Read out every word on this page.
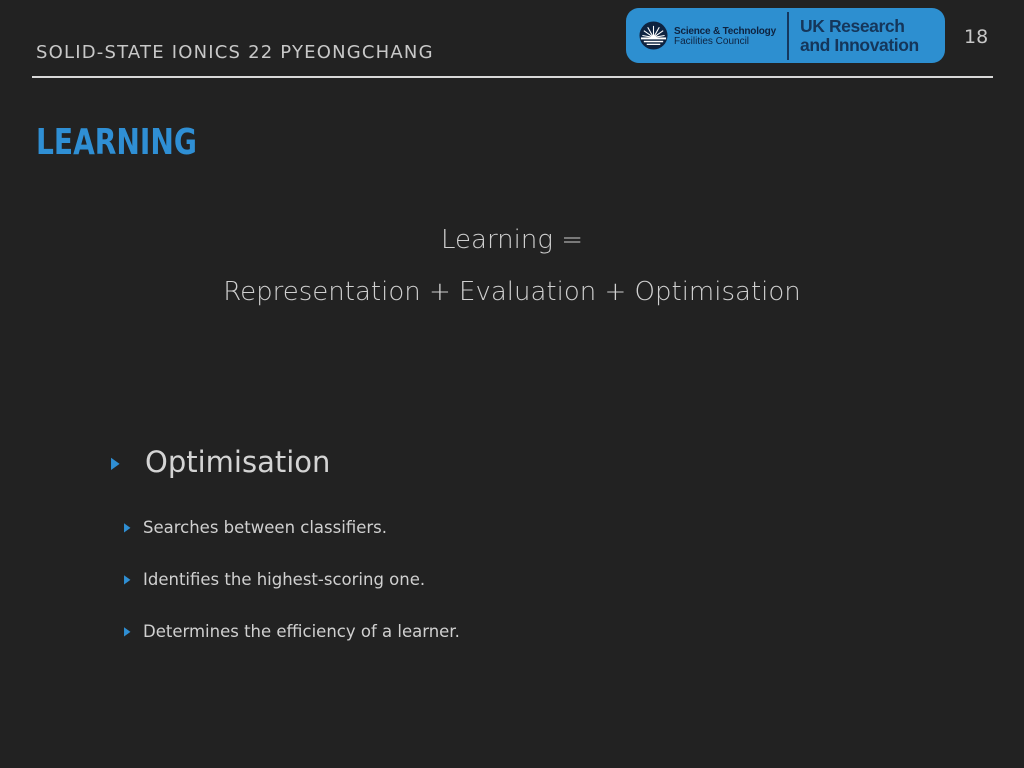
SOLID-STATE IONICS 22 PYEONGCHANG
Science & Technology
Facilities Council
UK Research
and Innovation 18
LEARNING
Learning =
Representation + Evaluation + Optimisation
▶ Optimisation
▶ Searches between classifiers.
▶ Identifies the highest-scoring one.
▶ Determines the efficiency of a learner.
